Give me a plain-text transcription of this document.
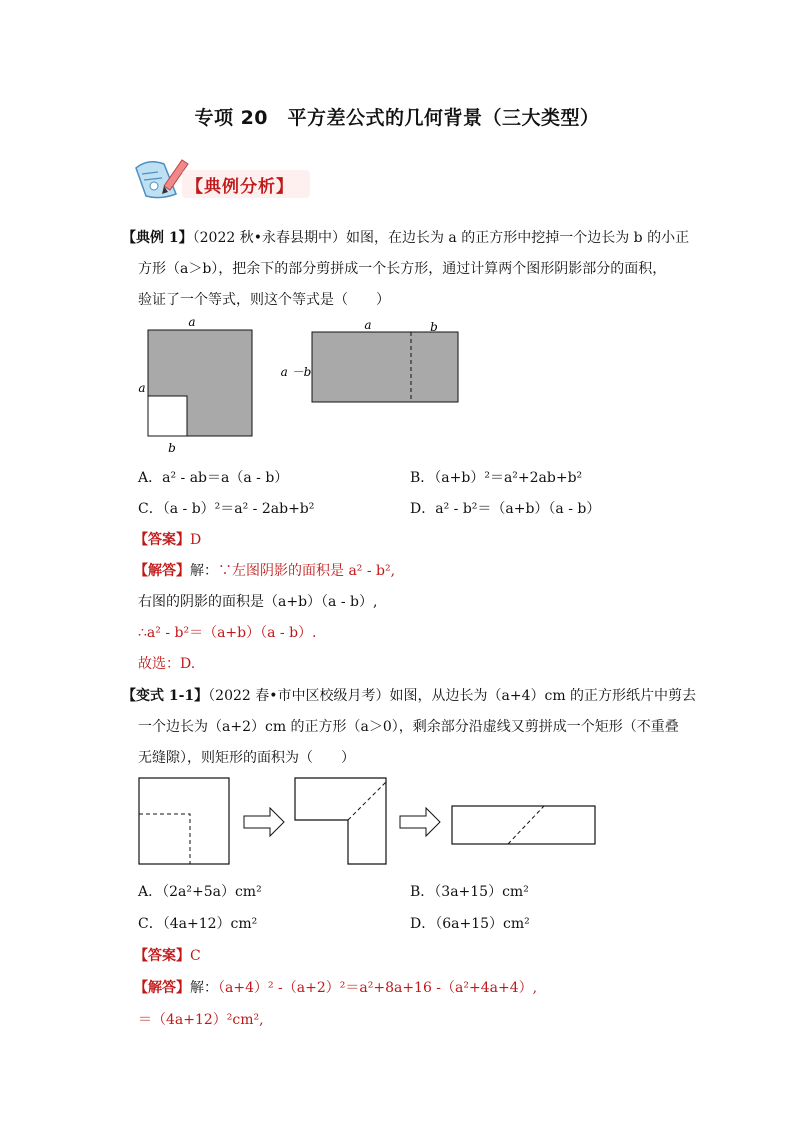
专项 20　平方差公式的几何背景（三大类型）
【典例分析】
【典例 1】（2022 秋•永春县期中）如图，在边长为 a 的正方形中挖掉一个边长为 b 的小正
方形（a＞b），把余下的部分剪拼成一个长方形，通过计算两个图形阴影部分的面积，
验证了一个等式，则这个等式是（　　）
a
a
b
a	b
a －b
A．a² - ab＝a（a - b）	B．（a+b）²＝a²+2ab+b²
C．（a - b）²＝a² - 2ab+b²	D．a² - b²＝（a+b）（a - b）
【答案】D
【解答】解：∵左图阴影的面积是 a² - b²,
右图的阴影的面积是（a+b）（a - b）,
∴a² - b²＝（a+b）（a - b）.
故选：D.
【变式 1-1】（2022 春•市中区校级月考）如图，从边长为（a+4）cm 的正方形纸片中剪去
一个边长为（a+2）cm 的正方形（a＞0），剩余部分沿虚线又剪拼成一个矩形（不重叠
无缝隙），则矩形的面积为（　　）
A．（2a²+5a）cm²	B．（3a+15）cm²
C．（4a+12）cm²	D．（6a+15）cm²
【答案】C
【解答】解：（a+4）² -（a+2）²＝a²+8a+16 -（a²+4a+4）,
＝（4a+12）²cm²,
